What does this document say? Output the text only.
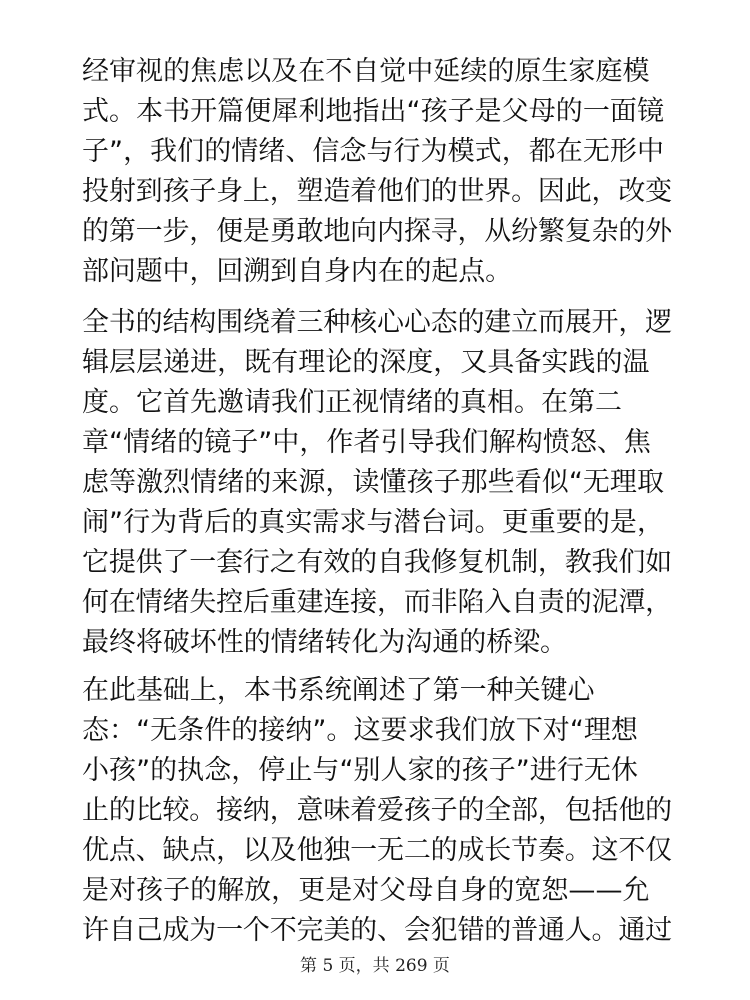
经审视的焦虑以及在不自觉中延续的原生家庭模
式。本书开篇便犀利地指出“孩子是父母的一面镜
子”，我们的情绪、信念与行为模式，都在无形中
投射到孩子身上，塑造着他们的世界。因此，改变
的第一步，便是勇敢地向内探寻，从纷繁复杂的外
部问题中，回溯到自身内在的起点。
全书的结构围绕着三种核心心态的建立而展开，逻
辑层层递进，既有理论的深度，又具备实践的温
度。它首先邀请我们正视情绪的真相。在第二
章“情绪的镜子”中，作者引导我们解构愤怒、焦
虑等激烈情绪的来源，读懂孩子那些看似“无理取
闹”行为背后的真实需求与潜台词。更重要的是，
它提供了一套行之有效的自我修复机制，教我们如
何在情绪失控后重建连接，而非陷入自责的泥潭，
最终将破坏性的情绪转化为沟通的桥梁。
在此基础上，本书系统阐述了第一种关键心
态：“无条件的接纳”。这要求我们放下对“理想
小孩”的执念，停止与“别人家的孩子”进行无休
止的比较。接纳，意味着爱孩子的全部，包括他的
优点、缺点，以及他独一无二的成长节奏。这不仅
是对孩子的解放，更是对父母自身的宽恕——允
许自己成为一个不完美的、会犯错的普通人。通过
第 5 页，共 269 页
